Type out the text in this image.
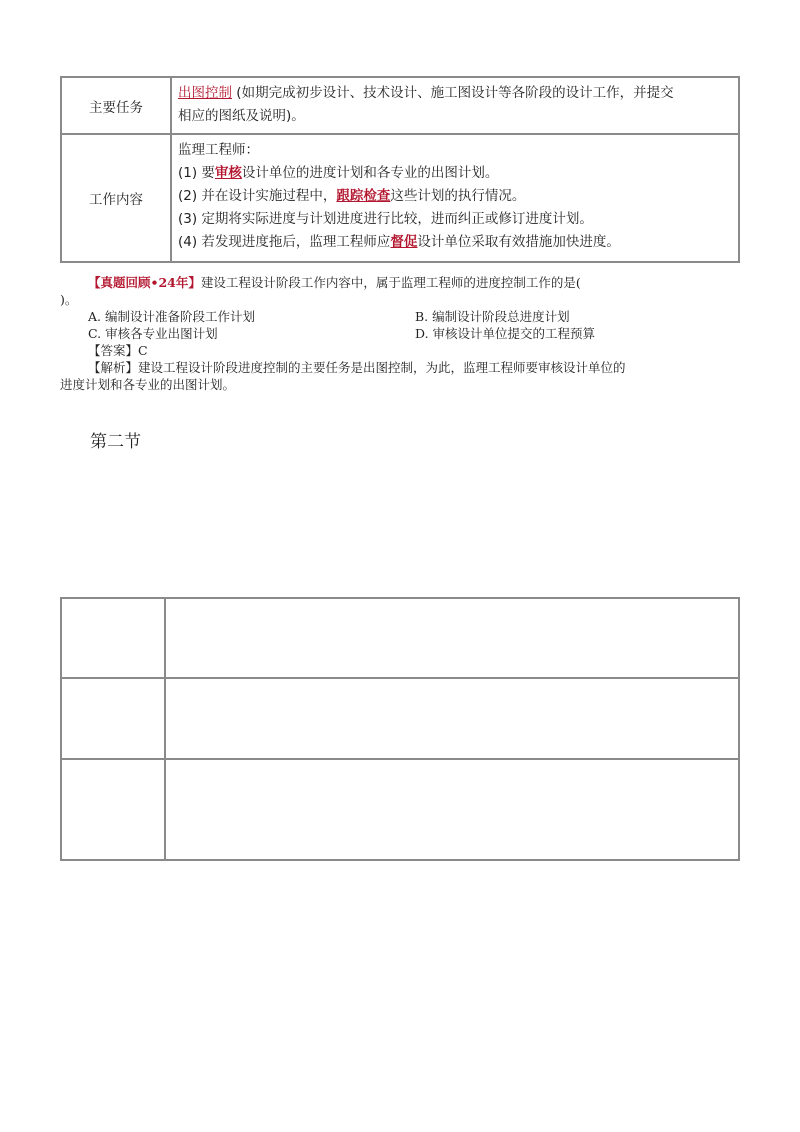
主要任务	出图控制 (如期完成初步设计、技术设计、施工图设计等各阶段的设计工作，并提交
相应的图纸及说明)。

工作内容	监理工程师：
(1) 要审核设计单位的进度计划和各专业的出图计划。
(2) 并在设计实施过程中，跟踪检查这些计划的执行情况。
(3) 定期将实际进度与计划进度进行比较，进而纠正或修订进度计划。
(4) 若发现进度拖后，监理工程师应督促设计单位采取有效措施加快进度。
【真题回顾•24年】建设工程设计阶段工作内容中，属于监理工程师的进度控制工作的是(
)。
A. 编制设计准备阶段工作计划	B. 编制设计阶段总进度计划
C. 审核各专业出图计划	D. 审核设计单位提交的工程预算
【答案】C
【解析】建设工程设计阶段进度控制的主要任务是出图控制，为此，监理工程师要审核设计单位的
进度计划和各专业的出图计划。
第二节
